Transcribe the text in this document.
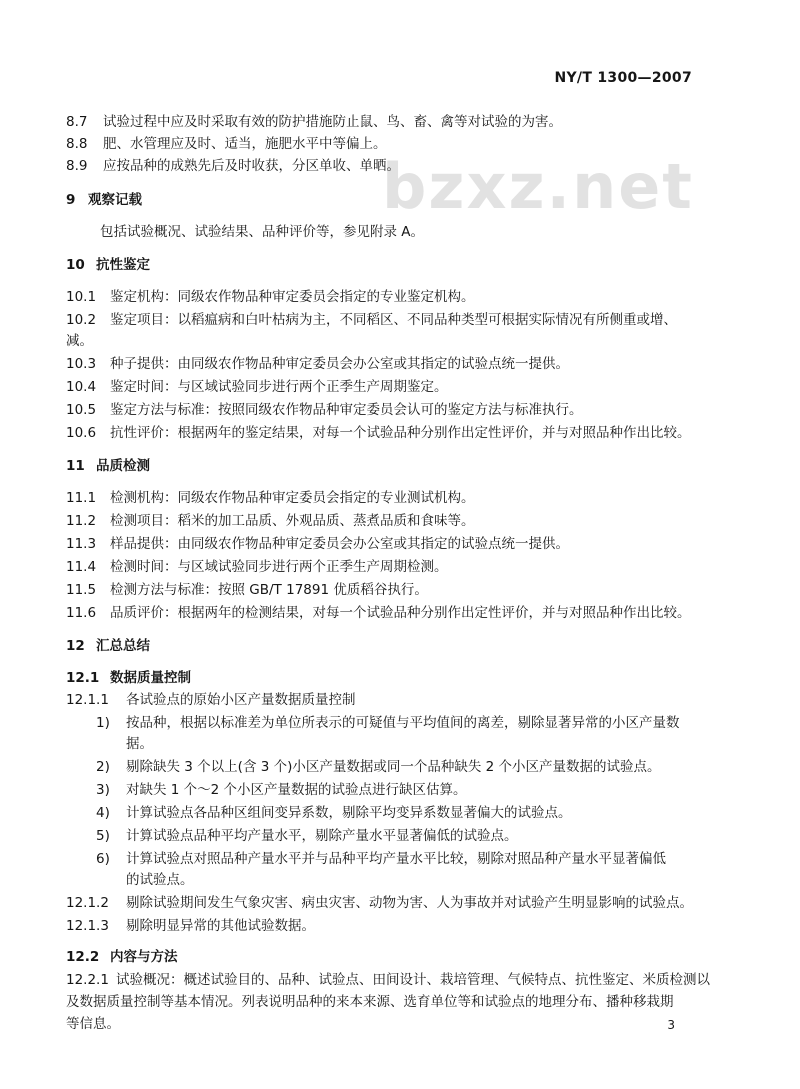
NY/T 1300—2007
bzxz.net
8.7 试验过程中应及时采取有效的防护措施防止鼠、鸟、畜、禽等对试验的为害。
8.8 肥、水管理应及时、适当，施肥水平中等偏上。
8.9 应按品种的成熟先后及时收获，分区单收、单晒。
9 观察记载
包括试验概况、试验结果、品种评价等，参见附录 A。
10 抗性鉴定
10.1 鉴定机构：同级农作物品种审定委员会指定的专业鉴定机构。
10.2 鉴定项目：以稻瘟病和白叶枯病为主，不同稻区、不同品种类型可根据实际情况有所侧重或增、
减。
10.3 种子提供：由同级农作物品种审定委员会办公室或其指定的试验点统一提供。
10.4 鉴定时间：与区域试验同步进行两个正季生产周期鉴定。
10.5 鉴定方法与标准：按照同级农作物品种审定委员会认可的鉴定方法与标准执行。
10.6 抗性评价：根据两年的鉴定结果，对每一个试验品种分别作出定性评价，并与对照品种作出比较。
11 品质检测
11.1 检测机构：同级农作物品种审定委员会指定的专业测试机构。
11.2 检测项目：稻米的加工品质、外观品质、蒸煮品质和食味等。
11.3 样品提供：由同级农作物品种审定委员会办公室或其指定的试验点统一提供。
11.4 检测时间：与区域试验同步进行两个正季生产周期检测。
11.5 检测方法与标准：按照 GB/T 17891 优质稻谷执行。
11.6 品质评价：根据两年的检测结果，对每一个试验品种分别作出定性评价，并与对照品种作出比较。
12 汇总总结
12.1 数据质量控制
12.1.1 各试验点的原始小区产量数据质量控制
1) 按品种，根据以标准差为单位所表示的可疑值与平均值间的离差，剔除显著异常的小区产量数
据。
2) 剔除缺失 3 个以上(含 3 个)小区产量数据或同一个品种缺失 2 个小区产量数据的试验点。
3) 对缺失 1 个～2 个小区产量数据的试验点进行缺区估算。
4) 计算试验点各品种区组间变异系数，剔除平均变异系数显著偏大的试验点。
5) 计算试验点品种平均产量水平，剔除产量水平显著偏低的试验点。
6) 计算试验点对照品种产量水平并与品种平均产量水平比较，剔除对照品种产量水平显著偏低
的试验点。
12.1.2 剔除试验期间发生气象灾害、病虫灾害、动物为害、人为事故并对试验产生明显影响的试验点。
12.1.3 剔除明显异常的其他试验数据。
12.2 内容与方法
12.2.1 试验概况：概述试验目的、品种、试验点、田间设计、栽培管理、气候特点、抗性鉴定、米质检测以
及数据质量控制等基本情况。列表说明品种的来本来源、选育单位等和试验点的地理分布、播种移栽期
等信息。	3
